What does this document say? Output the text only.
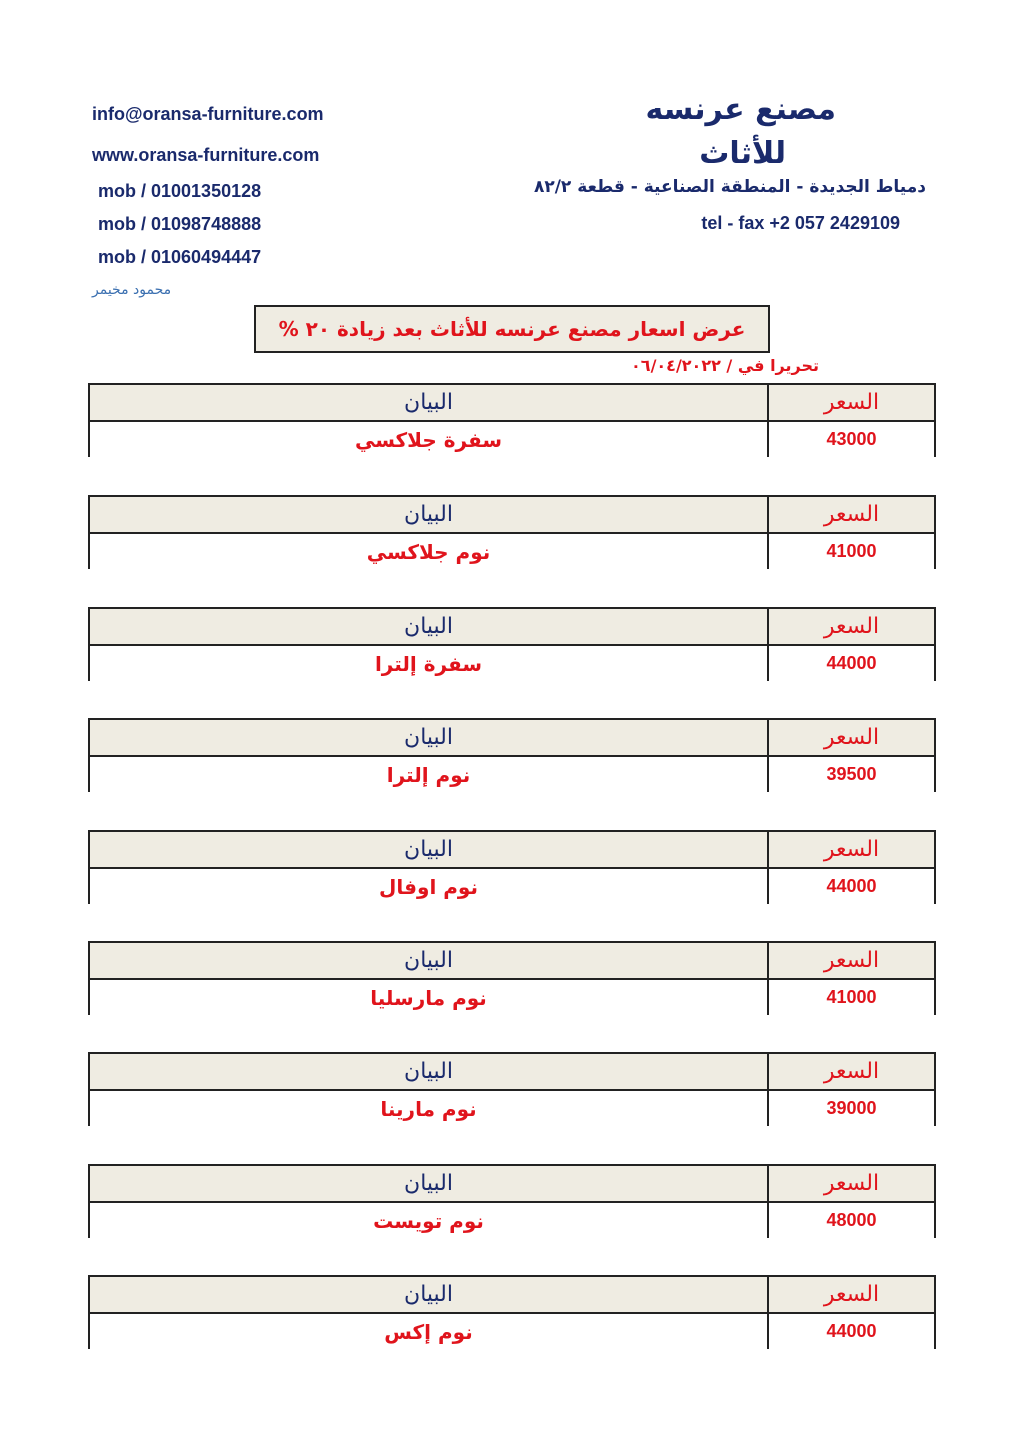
info@oransa-furniture.com
www.oransa-furniture.com
mob / 01001350128
mob / 01098748888
mob / 01060494447
محمود مخيمر
مصنع عرنسه
للأثاث
دمياط الجديدة - المنطقة الصناعية - قطعة ٨٢/٢
tel - fax +2 057 2429109
عرض اسعار مصنع عرنسه للأثاث بعد زيادة ٢٠ %
تحريرا في / ٠٦/٠٤/٢٠٢٢
البيان	السعر
سفرة جلاكسي	43000
البيان	السعر
نوم جلاكسي	41000
البيان	السعر
سفرة إلترا	44000
البيان	السعر
نوم إلترا	39500
البيان	السعر
نوم اوفال	44000
البيان	السعر
نوم مارسليا	41000
البيان	السعر
نوم مارينا	39000
البيان	السعر
نوم تويست	48000
البيان	السعر
نوم إكس	44000
